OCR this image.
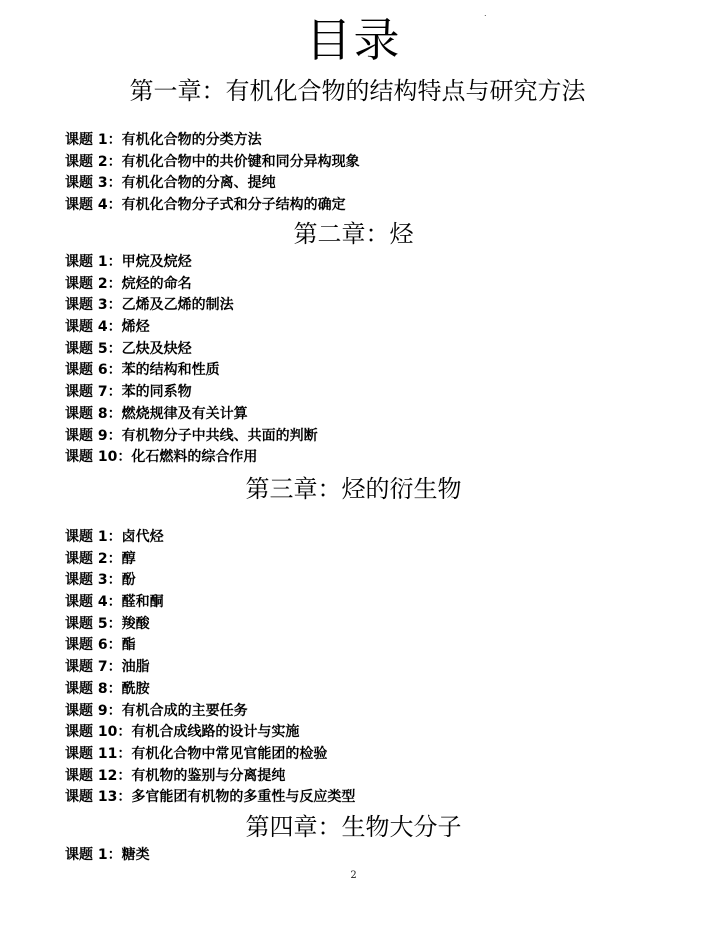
.
目录
第一章：有机化合物的结构特点与研究方法
课题 1：有机化合物的分类方法
课题 2：有机化合物中的共价键和同分异构现象
课题 3：有机化合物的分离、提纯
课题 4：有机化合物分子式和分子结构的确定
第二章：烃
课题 1：甲烷及烷烃
课题 2：烷烃的命名
课题 3：乙烯及乙烯的制法
课题 4：烯烃
课题 5：乙炔及炔烃
课题 6：苯的结构和性质
课题 7：苯的同系物
课题 8：燃烧规律及有关计算
课题 9：有机物分子中共线、共面的判断
课题 10：化石燃料的综合作用
第三章：烃的衍生物
课题 1：卤代烃
课题 2：醇
课题 3：酚
课题 4：醛和酮
课题 5：羧酸
课题 6：酯
课题 7：油脂
课题 8：酰胺
课题 9：有机合成的主要任务
课题 10：有机合成线路的设计与实施
课题 11：有机化合物中常见官能团的检验
课题 12：有机物的鉴别与分离提纯
课题 13：多官能团有机物的多重性与反应类型
第四章：生物大分子
课题 1：糖类
2
